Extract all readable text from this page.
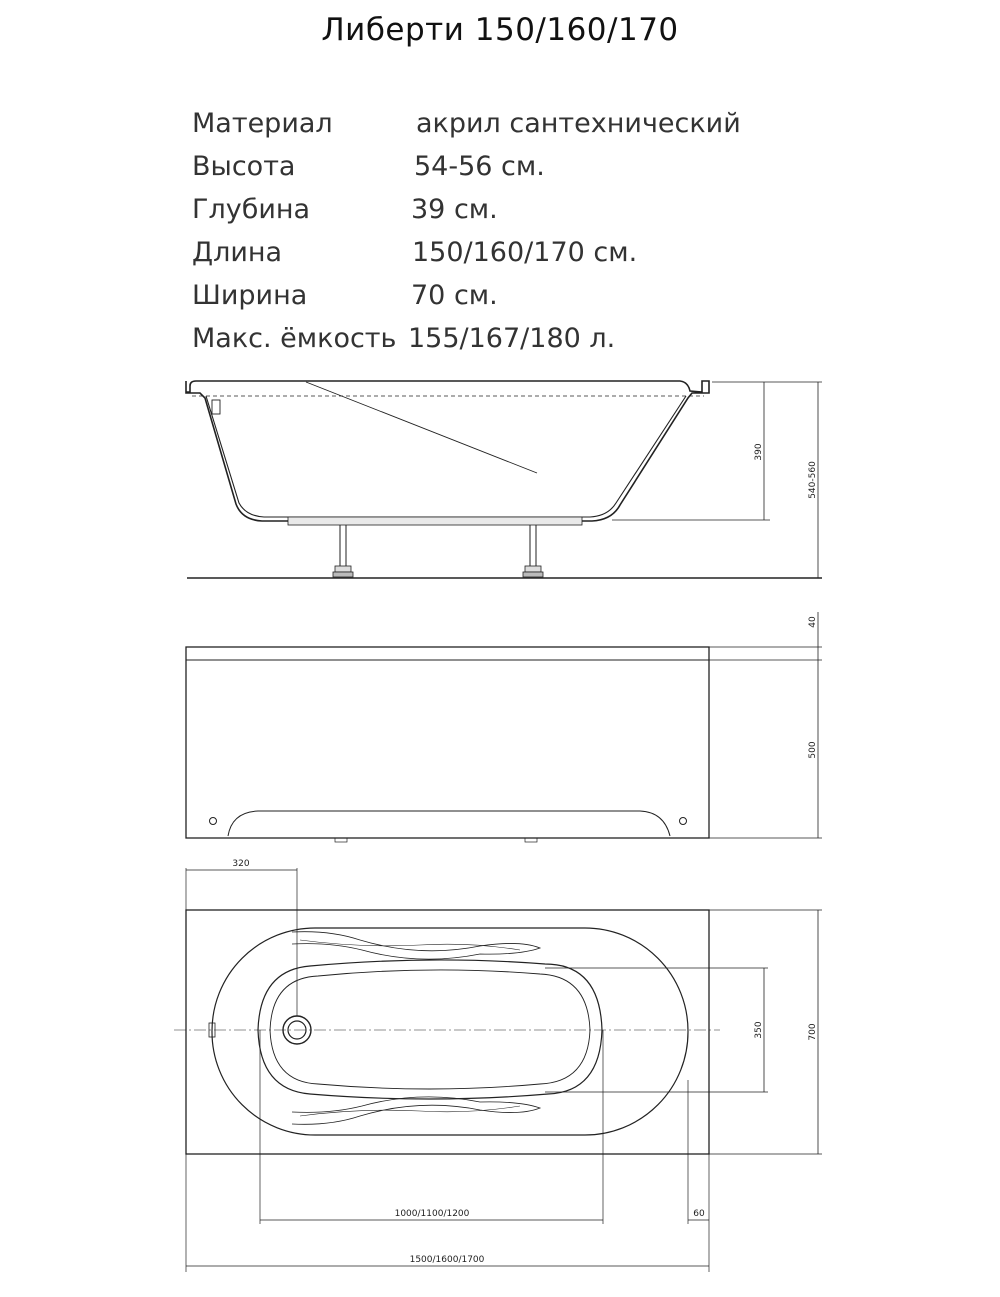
Либерти 150/160/170
Материал	акрил сантехнический
Высота	54-56 см.
Глубина	39 см.
Длина	150/160/170 см.
Ширина	70 см.
Макс. ёмкость 155/167/180 л.
390
540-560
40
500
320
350	700
1000/1100/1200	60
1500/1600/1700
